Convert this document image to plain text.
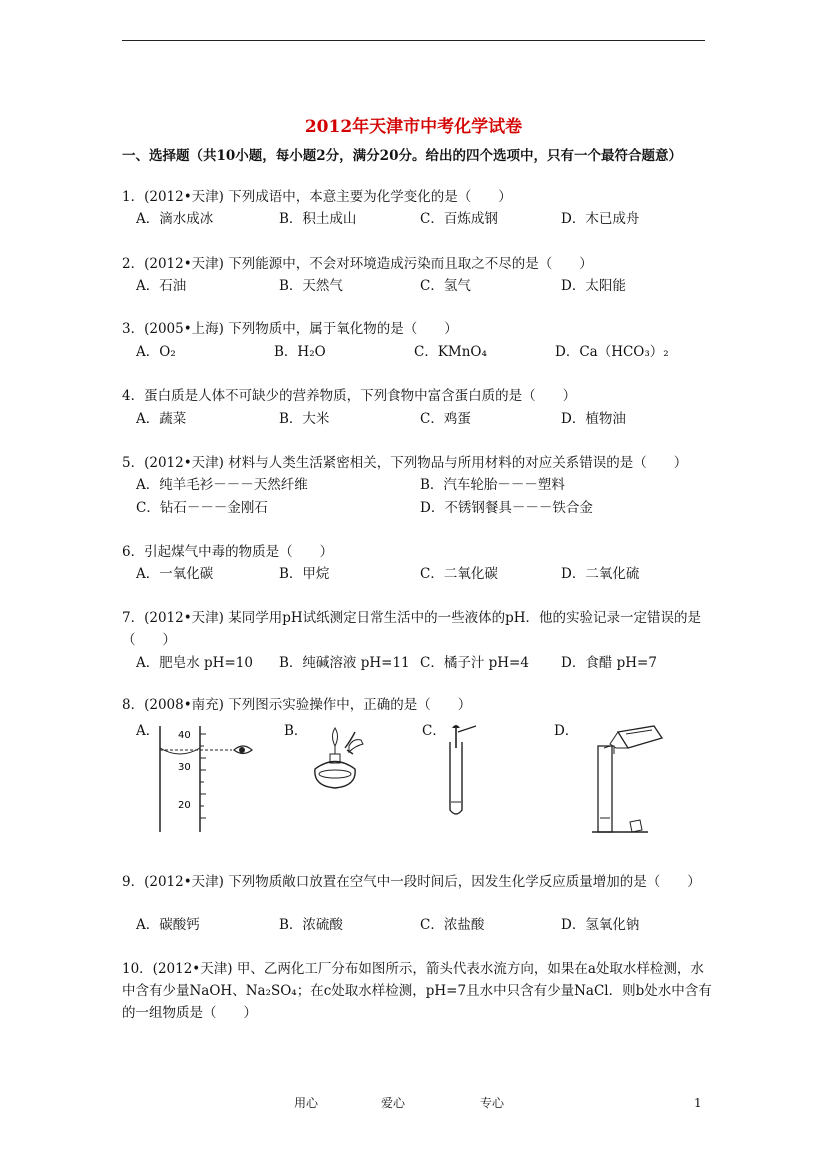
2012年天津市中考化学试卷
一、选择题（共10小题，每小题2分，满分20分。给出的四个选项中，只有一个最符合题意）
1．(2012•天津) 下列成语中，本意主要为化学变化的是（　　）
A．滴水成冰	B．积土成山	C．百炼成钢	D．木已成舟
2．(2012•天津) 下列能源中，不会对环境造成污染而且取之不尽的是（　　）
A．石油	B．天然气	C．氢气	D．太阳能
3．(2005•上海) 下列物质中，属于氧化物的是（　　）
A．O₂	B．H₂O	C．KMnO₄	D．Ca（HCO₃）₂
4．蛋白质是人体不可缺少的营养物质，下列食物中富含蛋白质的是（　　）
A．蔬菜	B．大米	C．鸡蛋	D．植物油
5．(2012•天津) 材料与人类生活紧密相关，下列物品与所用材料的对应关系错误的是（　　）
A．纯羊毛衫－－－天然纤维	B．汽车轮胎－－－塑料
C．钻石－－－金刚石	D．不锈钢餐具－－－铁合金
6．引起煤气中毒的物质是（　　）
A．一氧化碳	B．甲烷	C．二氧化碳	D．二氧化硫
7．(2012•天津) 某同学用pH试纸测定日常生活中的一些液体的pH．他的实验记录一定错误的是（　　）
A．肥皂水 pH=10 B．纯碱溶液 pH=11 C．橘子汁 pH=4 D．食醋 pH=7
8．(2008•南充) 下列图示实验操作中，正确的是（　　）
A．	B．	C．	D．
40
30
20
9．(2012•天津) 下列物质敞口放置在空气中一段时间后，因发生化学反应质量增加的是（　　）
A．碳酸钙	B．浓硫酸	C．浓盐酸	D．氢氧化钠
10．(2012•天津) 甲、乙两化工厂分布如图所示，箭头代表水流方向，如果在a处取水样检测，水中含有少量NaOH、Na₂SO₄；在c处取水样检测，pH=7且水中只含有少量NaCl．则b处水中含有的一组物质是（　　）
用心	爱心	专心	1
